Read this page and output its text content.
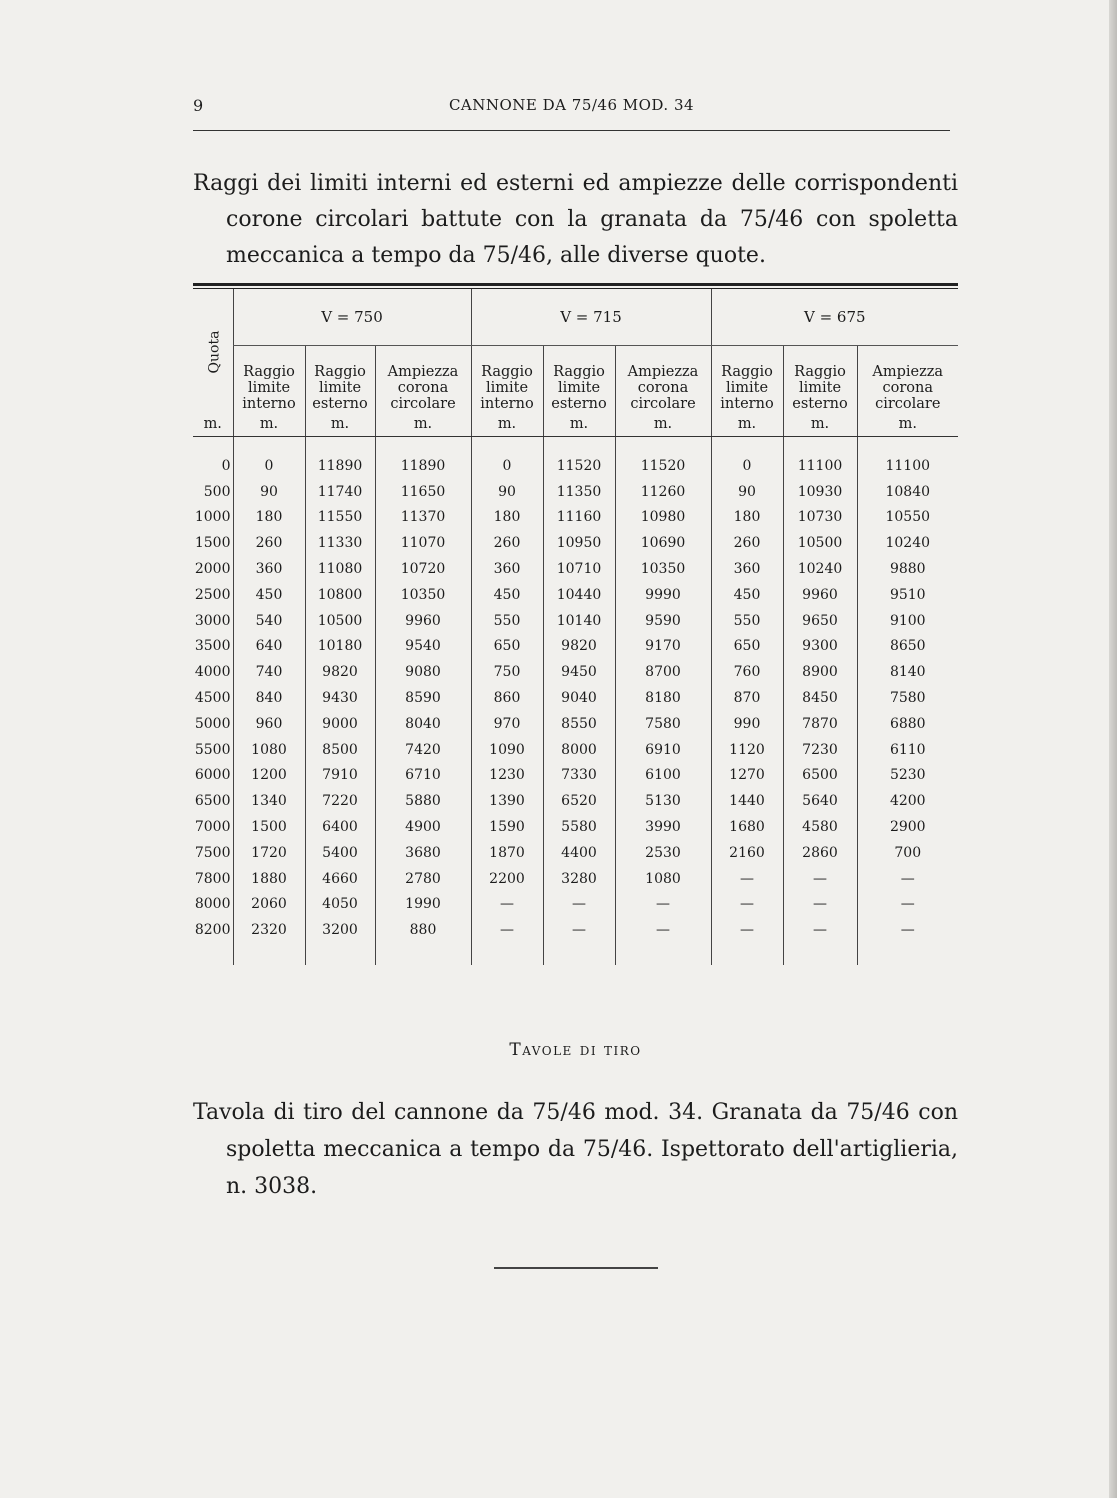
9	CANNONE DA 75/46 MOD. 34
Raggi dei limiti interni ed esterni ed ampiezze delle corrispondenti corone circolari battute con la granata da 75/46 con spoletta meccanica a tempo da 75/46, alle diverse quote.
Quota	V = 750			V = 715			V = 675		
	Raggio limite interno	Raggio limite esterno	Ampiezza corona circolare	Raggio limite interno	Raggio limite esterno	Ampiezza corona circolare	Raggio limite interno	Raggio limite esterno	Ampiezza corona circolare
m.	m.	m.	m.	m.	m.	m.	m.	m.	m.

0	0	11890	11890	0	11520	11520	0	11100	11100
500	90	11740	11650	90	11350	11260	90	10930	10840
1000	180	11550	11370	180	11160	10980	180	10730	10550
1500	260	11330	11070	260	10950	10690	260	10500	10240
2000	360	11080	10720	360	10710	10350	360	10240	9880
2500	450	10800	10350	450	10440	9990	450	9960	9510
3000	540	10500	9960	550	10140	9590	550	9650	9100
3500	640	10180	9540	650	9820	9170	650	9300	8650
4000	740	9820	9080	750	9450	8700	760	8900	8140
4500	840	9430	8590	860	9040	8180	870	8450	7580
5000	960	9000	8040	970	8550	7580	990	7870	6880
5500	1080	8500	7420	1090	8000	6910	1120	7230	6110
6000	1200	7910	6710	1230	7330	6100	1270	6500	5230
6500	1340	7220	5880	1390	6520	5130	1440	5640	4200
7000	1500	6400	4900	1590	5580	3990	1680	4580	2900
7500	1720	5400	3680	1870	4400	2530	2160	2860	700
7800	1880	4660	2780	2200	3280	1080	—	—	—
8000	2060	4050	1990	—	—	—	—	—	—
8200	2320	3200	880	—	—	—	—	—	—

Tavole di tiro
Tavola di tiro del cannone da 75/46 mod. 34. Granata da 75/46 con spoletta meccanica a tempo da 75/46. Ispettorato dell'artiglieria, n. 3038.
